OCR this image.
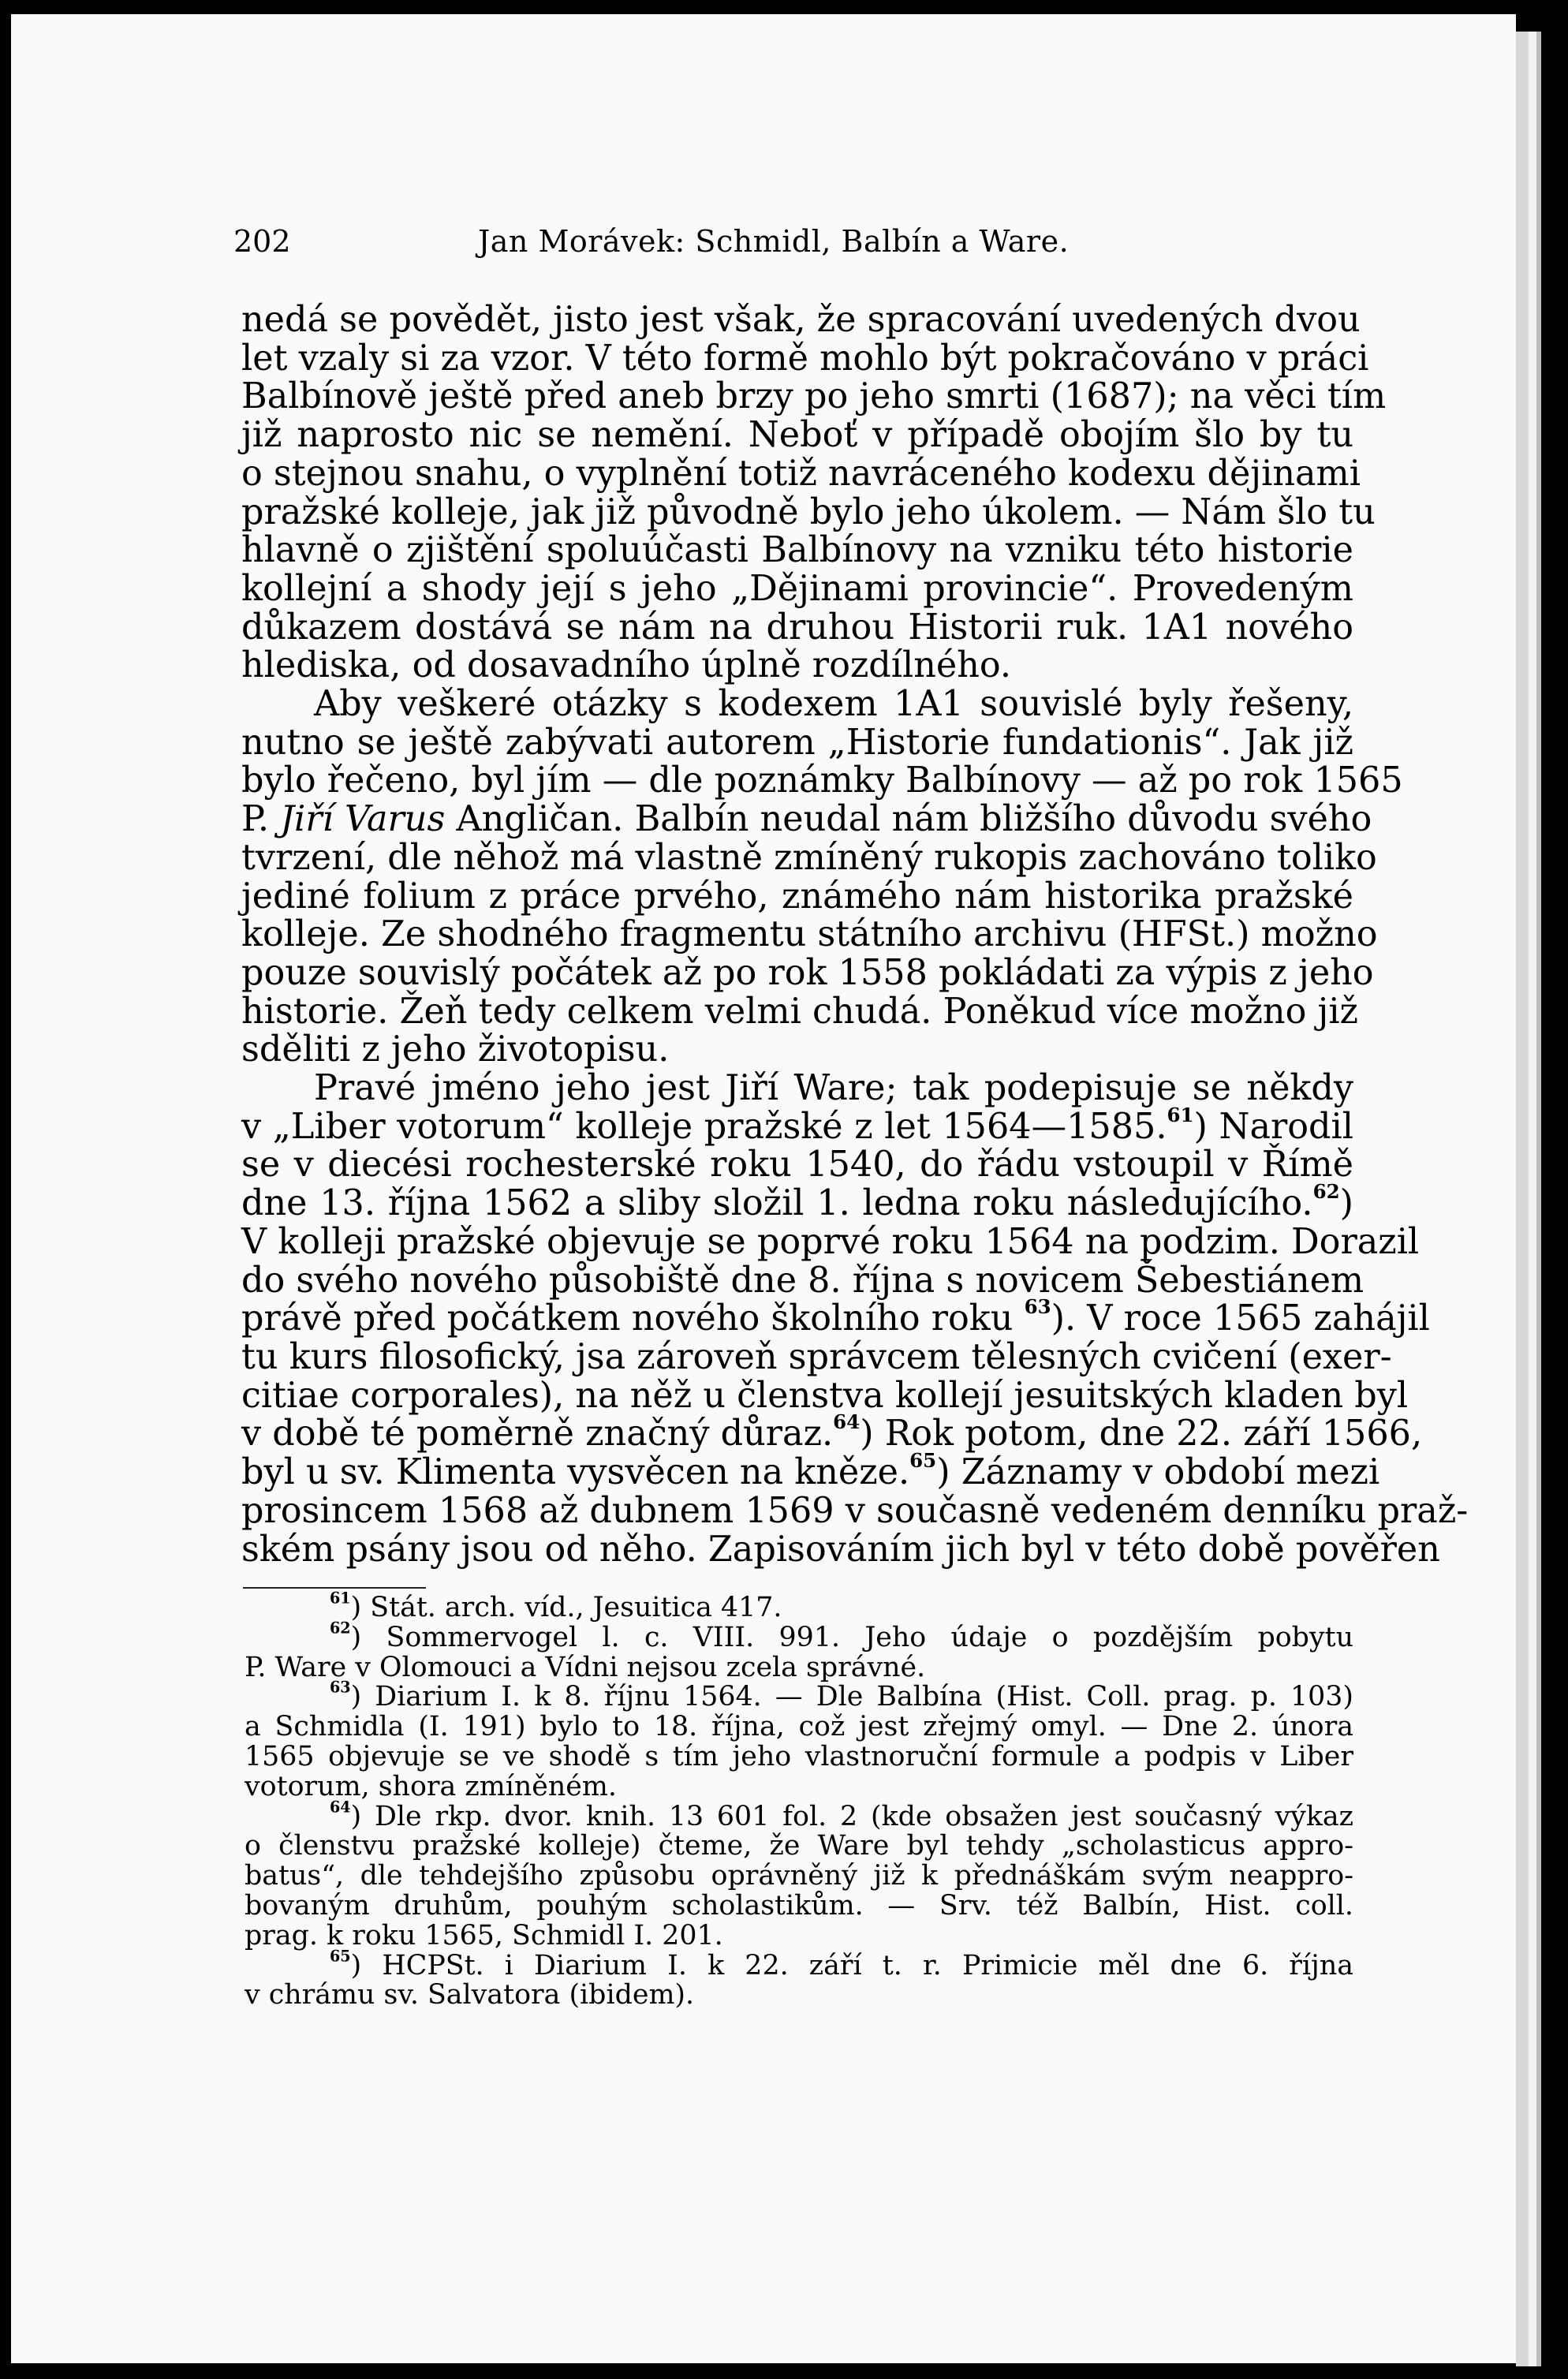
202	Jan Morávek: Schmidl, Balbín a Ware.
nedá se povědět, jisto jest však, že spracování uvedených dvou
let vzaly si za vzor. V této formě mohlo být pokračováno v práci
Balbínově ještě před aneb brzy po jeho smrti (1687); na věci tím
již naprosto nic se nemění. Neboť v případě obojím šlo by tu
o stejnou snahu, o vyplnění totiž navráceného kodexu dějinami
pražské kolleje, jak již původně bylo jeho úkolem. — Nám šlo tu
hlavně o zjištění spoluúčasti Balbínovy na vzniku této historie
kollejní a shody její s jeho „Dějinami provincie“. Provedeným
důkazem dostává se nám na druhou Historii ruk. 1A1 nového
hlediska, od dosavadního úplně rozdílného.
Aby veškeré otázky s kodexem 1A1 souvislé byly řešeny,
nutno se ještě zabývati autorem „Historie fundationis“. Jak již
bylo řečeno, byl jím — dle poznámky Balbínovy — až po rok 1565
P. Jiří Varus Angličan. Balbín neudal nám bližšího důvodu svého
tvrzení, dle něhož má vlastně zmíněný rukopis zachováno toliko
jediné folium z práce prvého, známého nám historika pražské
kolleje. Ze shodného fragmentu státního archivu (HFSt.) možno
pouze souvislý počátek až po rok 1558 pokládati za výpis z jeho
historie. Žeň tedy celkem velmi chudá. Poněkud více možno již
sděliti z jeho životopisu.
Pravé jméno jeho jest Jiří Ware; tak podepisuje se někdy
v „Liber votorum“ kolleje pražské z let 1564—1585.61) Narodil
se v diecési rochesterské roku 1540, do řádu vstoupil v Římě
dne 13. října 1562 a sliby složil 1. ledna roku následujícího.$^{62}$)
V kolleji pražské objevuje se poprvé roku 1564 na podzim. Dorazil
do svého nového působiště dne 8. října s novicem Šebestiánem
právě před počátkem nového školního roku $^{63}$). V roce 1565 zahájil
tu kurs filosofický, jsa zároveň správcem tělesných cvičení (exer-
citiae corporales), na něž u členstva kollejí jesuitských kladen byl
v době té poměrně značný důraz.$^{64}$) Rok potom, dne 22. září 1566,
byl u sv. Klimenta vysvěcen na kněze.$^{65}$) Záznamy v období mezi
prosincem 1568 až dubnem 1569 v současně vedeném denníku praž-
ském psány jsou od něho. Zapisováním jich byl v této době pověřen
$^{61}$) Stát. arch. víd., Jesuitica 417.
$^{62}$) Sommervogel l. c. VIII. 991. Jeho údaje o pozdějším pobytu
P. Ware v Olomouci a Vídni nejsou zcela správné.
$^{63}$) Diarium I. k 8. říjnu 1564. — Dle Balbína (Hist. Coll. prag. p. 103)
a Schmidla (I. 191) bylo to 18. října, což jest zřejmý omyl. — Dne 2. února
1565 objevuje se ve shodě s tím jeho vlastnoruční formule a podpis v Liber
votorum, shora zmíněném.
$^{64}$) Dle rkp. dvor. knih. 13 601 fol. 2 (kde obsažen jest současný výkaz
o členstvu pražské kolleje) čteme, že Ware byl tehdy „scholasticus appro-
batus“, dle tehdejšího způsobu oprávněný již k přednáškám svým neappro-
bovaným druhům, pouhým scholastikům. — Srv. též Balbín, Hist. coll.
prag. k roku 1565, Schmidl I. 201.
$^{65}$) HCPSt. i Diarium I. k 22. září t. r. Primicie měl dne 6. října
v chrámu sv. Salvatora (ibidem).
